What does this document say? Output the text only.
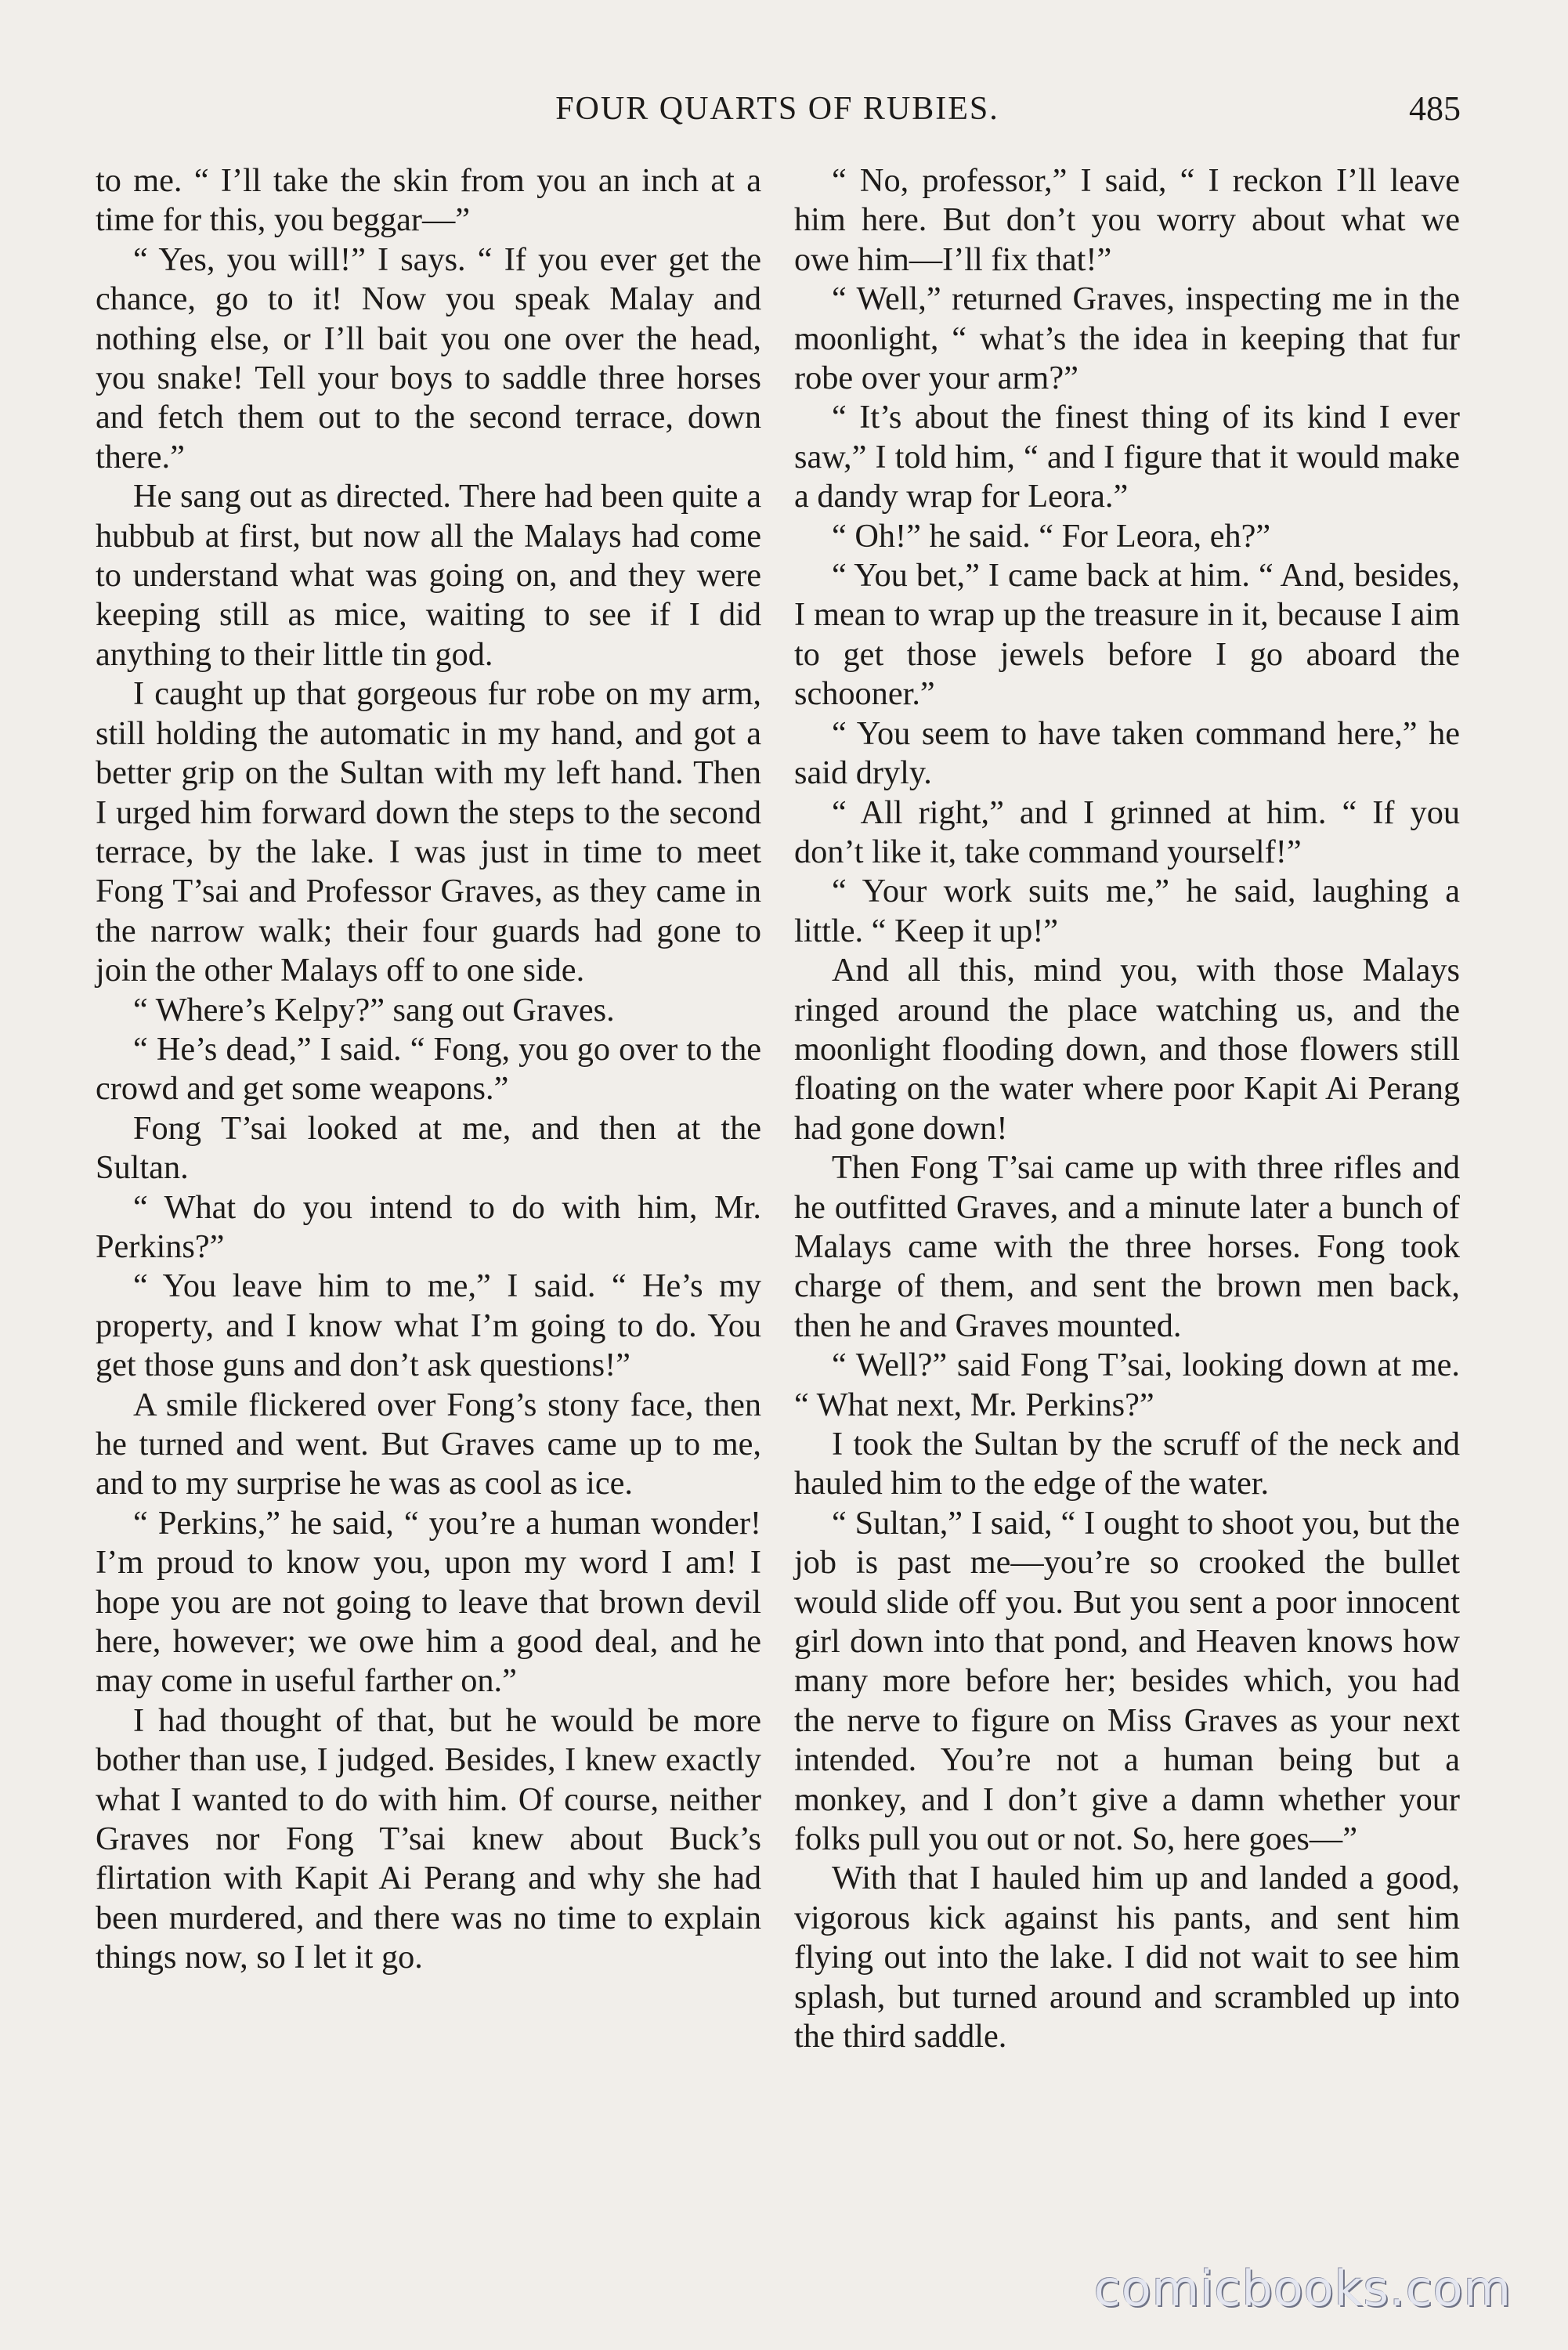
FOUR QUARTS OF RUBIES.	485

to me. “ I’ll take the skin from you an inch at a time for this, you beggar—”

“ Yes, you will!” I says. “ If you ever get the chance, go to it! Now you speak Malay and nothing else, or I’ll bait you one over the head, you snake! Tell your boys to saddle three horses and fetch them out to the second terrace, down there.”

He sang out as directed. There had been quite a hubbub at first, but now all the Malays had come to understand what was going on, and they were keeping still as mice, waiting to see if I did anything to their little tin god.

I caught up that gorgeous fur robe on my arm, still holding the automatic in my hand, and got a better grip on the Sultan with my left hand. Then I urged him forward down the steps to the second terrace, by the lake. I was just in time to meet Fong T’sai and Professor Graves, as they came in the narrow walk; their four guards had gone to join the other Malays off to one side.

“ Where’s Kelpy?” sang out Graves.

“ He’s dead,” I said. “ Fong, you go over to the crowd and get some weapons.”

Fong T’sai looked at me, and then at the Sultan.

“ What do you intend to do with him, Mr. Perkins?”

“ You leave him to me,” I said. “ He’s my property, and I know what I’m going to do. You get those guns and don’t ask questions!”

A smile flickered over Fong’s stony face, then he turned and went. But Graves came up to me, and to my surprise he was as cool as ice.

“ Perkins,” he said, “ you’re a human wonder! I’m proud to know you, upon my word I am! I hope you are not going to leave that brown devil here, however; we owe him a good deal, and he may come in useful farther on.”

I had thought of that, but he would be more bother than use, I judged. Besides, I knew exactly what I wanted to do with him. Of course, neither Graves nor Fong T’sai knew about Buck’s flirtation with Kapit Ai Perang and why she had been murdered, and there was no time to explain things now, so I let it go.

“ No, professor,” I said, “ I reckon I’ll leave him here. But don’t you worry about what we owe him—I’ll fix that!”

“ Well,” returned Graves, inspecting me in the moonlight, “ what’s the idea in keeping that fur robe over your arm?”

“ It’s about the finest thing of its kind I ever saw,” I told him, “ and I figure that it would make a dandy wrap for Leora.”

“ Oh!” he said. “ For Leora, eh?”

“ You bet,” I came back at him. “ And, besides, I mean to wrap up the treasure in it, because I aim to get those jewels before I go aboard the schooner.”

“ You seem to have taken command here,” he said dryly.

“ All right,” and I grinned at him. “ If you don’t like it, take command yourself!”

“ Your work suits me,” he said, laughing a little. “ Keep it up!”

And all this, mind you, with those Malays ringed around the place watching us, and the moonlight flooding down, and those flowers still floating on the water where poor Kapit Ai Perang had gone down!

Then Fong T’sai came up with three rifles and he outfitted Graves, and a minute later a bunch of Malays came with the three horses. Fong took charge of them, and sent the brown men back, then he and Graves mounted.

“ Well?” said Fong T’sai, looking down at me. “ What next, Mr. Perkins?”

I took the Sultan by the scruff of the neck and hauled him to the edge of the water.

“ Sultan,” I said, “ I ought to shoot you, but the job is past me—you’re so crooked the bullet would slide off you. But you sent a poor innocent girl down into that pond, and Heaven knows how many more before her; besides which, you had the nerve to figure on Miss Graves as your next intended. You’re not a human being but a monkey, and I don’t give a damn whether your folks pull you out or not. So, here goes—”

With that I hauled him up and landed a good, vigorous kick against his pants, and sent him flying out into the lake. I did not wait to see him splash, but turned around and scrambled up into the third saddle.

comicbooks.com
